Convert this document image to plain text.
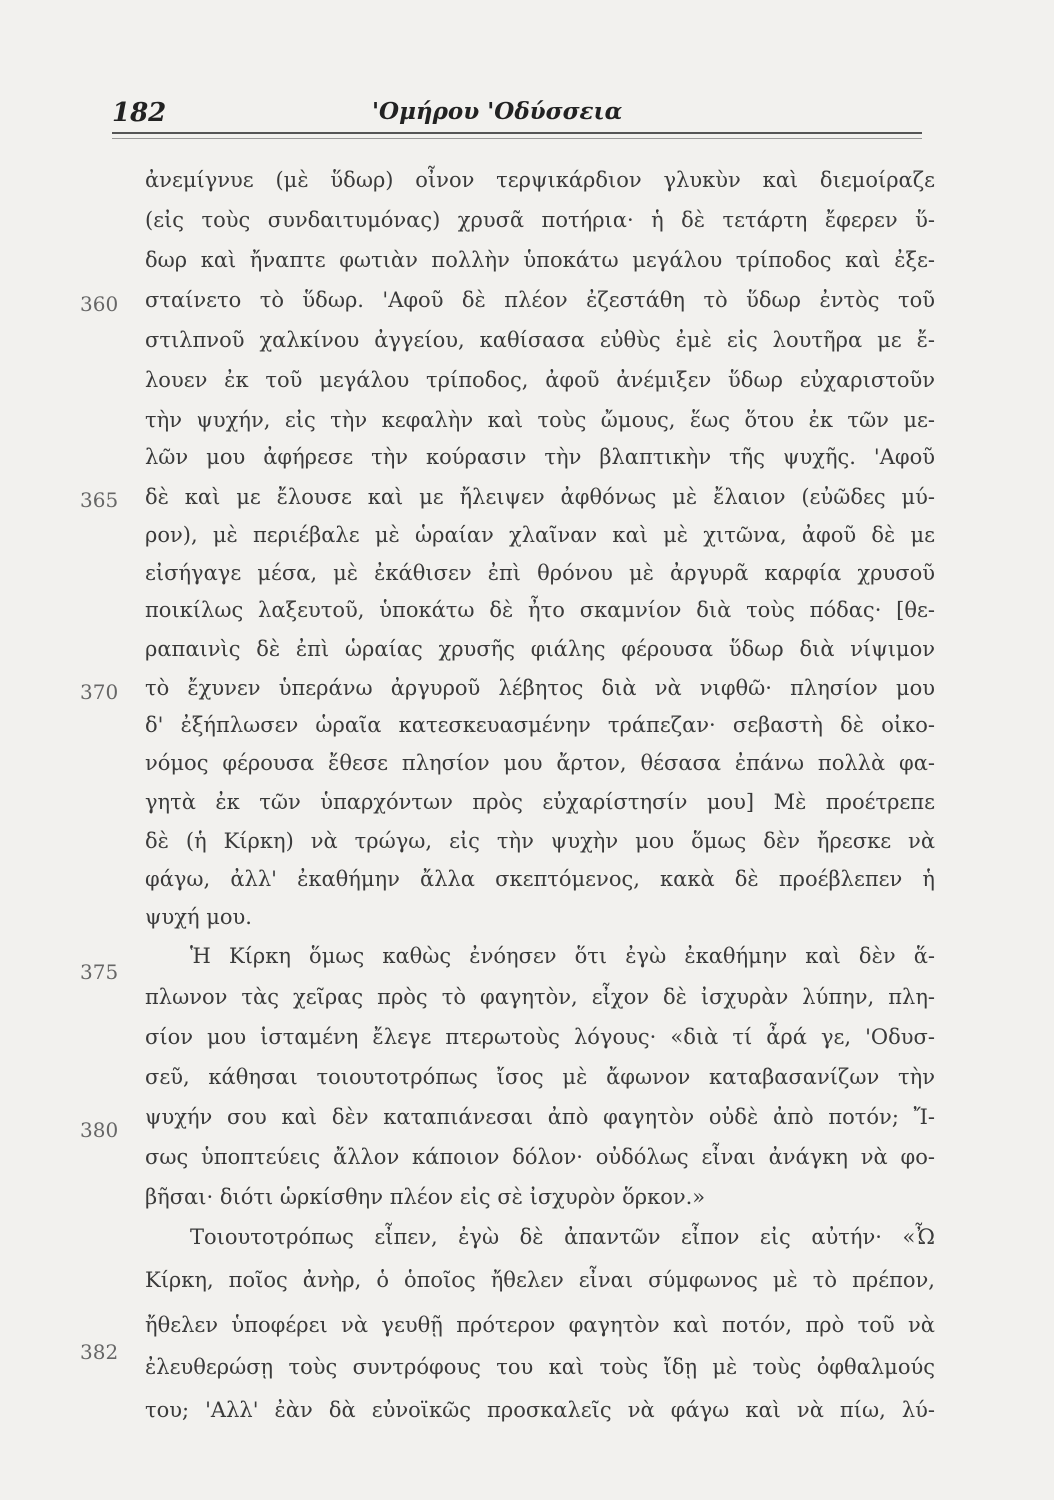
182	'Ομήρου 'Οδύσσεια
360
365
370
375
380
382
ἀνεμίγνυε (μὲ ὕδωρ) οἶνον τερψικάρδιον γλυκὺν καὶ διεμοίραζε
(εἰς τοὺς συνδαιτυμόνας) χρυσᾶ ποτήρια· ἡ δὲ τετάρτη ἔφερεν ὕ-
δωρ καὶ ἤναπτε φωτιὰν πολλὴν ὑποκάτω μεγάλου τρίποδος καὶ ἐξε-
σταίνετο τὸ ὕδωρ. 'Αφοῦ δὲ πλέον ἐζεστάθη τὸ ὕδωρ ἐντὸς τοῦ
στιλπνοῦ χαλκίνου ἀγγείου, καθίσασα εὐθὺς ἐμὲ εἰς λουτῆρα με ἔ-
λουεν ἐκ τοῦ μεγάλου τρίποδος, ἀφοῦ ἀνέμιξεν ὕδωρ εὐχαριστοῦν
τὴν ψυχήν, εἰς τὴν κεφαλὴν καὶ τοὺς ὤμους, ἕως ὅτου ἐκ τῶν με-
λῶν μου ἀφήρεσε τὴν κούρασιν τὴν βλαπτικὴν τῆς ψυχῆς. 'Αφοῦ
δὲ καὶ με ἔλουσε καὶ με ἤλειψεν ἀφθόνως μὲ ἔλαιον (εὐῶδες μύ-
ρον), μὲ περιέβαλε μὲ ὡραίαν χλαῖναν καὶ μὲ χιτῶνα, ἀφοῦ δὲ με
εἰσήγαγε μέσα, μὲ ἐκάθισεν ἐπὶ θρόνου μὲ ἀργυρᾶ καρφία χρυσοῦ
ποικίλως λαξευτοῦ, ὑποκάτω δὲ ἦτο σκαμνίον διὰ τοὺς πόδας· [θε-
ραπαινὶς δὲ ἐπὶ ὡραίας χρυσῆς φιάλης φέρουσα ὕδωρ διὰ νίψιμον
τὸ ἔχυνεν ὑπεράνω ἀργυροῦ λέβητος διὰ νὰ νιφθῶ· πλησίον μου
δ' ἐξήπλωσεν ὡραῖα κατεσκευασμένην τράπεζαν· σεβαστὴ δὲ οἰκο-
νόμος φέρουσα ἔθεσε πλησίον μου ἄρτον, θέσασα ἐπάνω πολλὰ φα-
γητὰ ἐκ τῶν ὑπαρχόντων πρὸς εὐχαρίστησίν μου] Μὲ προέτρεπε
δὲ (ἡ Κίρκη) νὰ τρώγω, εἰς τὴν ψυχὴν μου ὅμως δὲν ἤρεσκε νὰ
φάγω, ἀλλ' ἐκαθήμην ἄλλα σκεπτόμενος, κακὰ δὲ προέβλεπεν ἡ
ψυχή μου.
Ἡ Κίρκη ὅμως καθὼς ἐνόησεν ὅτι ἐγὼ ἐκαθήμην καὶ δὲν ἅ-
πλωνον τὰς χεῖρας πρὸς τὸ φαγητὸν, εἶχον δὲ ἰσχυρὰν λύπην, πλη-
σίον μου ἱσταμένη ἔλεγε πτερωτοὺς λόγους· «διὰ τί ἆρά γε, 'Οδυσ-
σεῦ, κάθησαι τοιουτοτρόπως ἴσος μὲ ἄφωνον καταβασανίζων τὴν
ψυχήν σου καὶ δὲν καταπιάνεσαι ἀπὸ φαγητὸν οὐδὲ ἀπὸ ποτόν; Ἴ-
σως ὑποπτεύεις ἄλλον κάποιον δόλον· οὐδόλως εἶναι ἀνάγκη νὰ φο-
βῆσαι· διότι ὡρκίσθην πλέον εἰς σὲ ἰσχυρὸν ὅρκον.»
Τοιουτοτρόπως εἶπεν, ἐγὼ δὲ ἀπαντῶν εἶπον εἰς αὐτήν· «Ὦ
Κίρκη, ποῖος ἀνὴρ, ὁ ὁποῖος ἤθελεν εἶναι σύμφωνος μὲ τὸ πρέπον,
ἤθελεν ὑποφέρει νὰ γευθῇ πρότερον φαγητὸν καὶ ποτόν, πρὸ τοῦ νὰ
ἐλευθερώσῃ τοὺς συντρόφους του καὶ τοὺς ἴδῃ μὲ τοὺς ὀφθαλμούς
του; 'Αλλ' ἐὰν δὰ εὐνοϊκῶς προσκαλεῖς νὰ φάγω καὶ νὰ πίω, λύ-
